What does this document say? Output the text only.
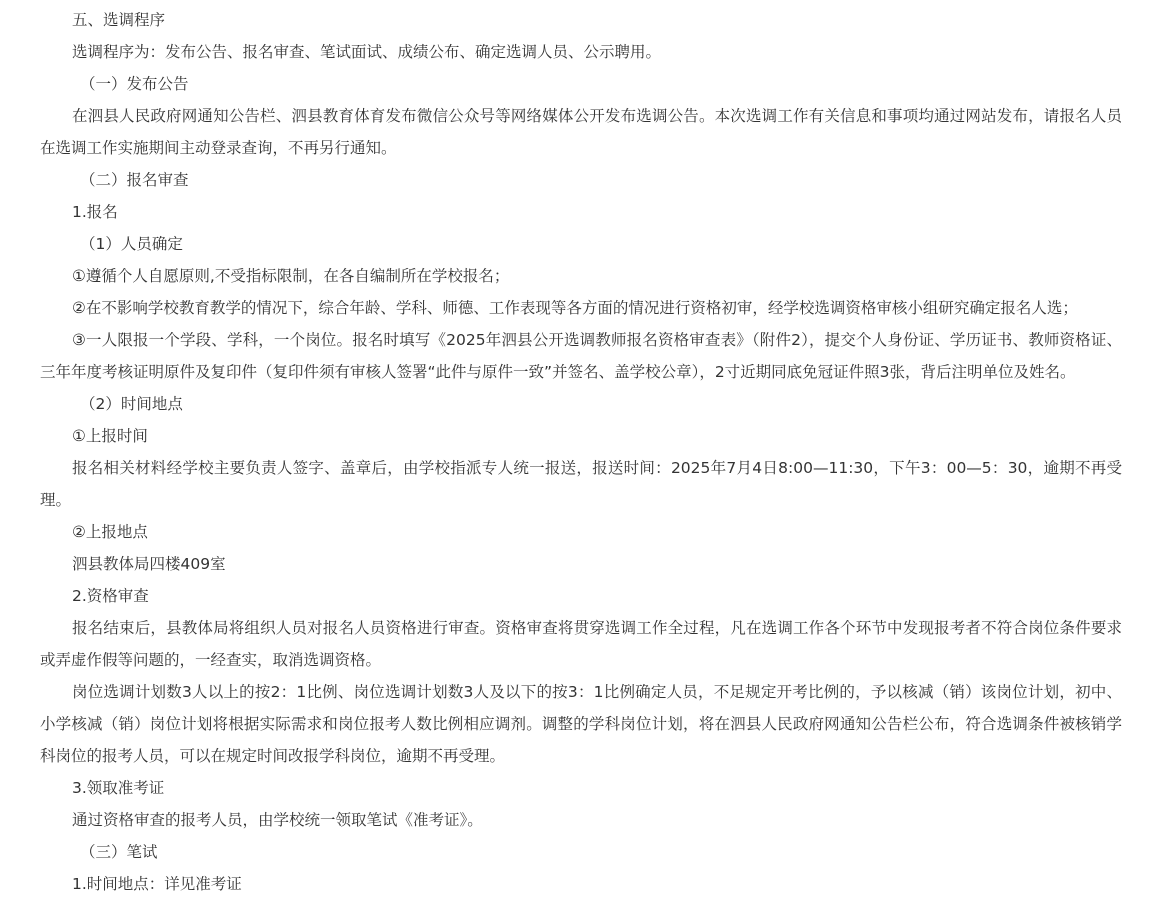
五、选调程序

选调程序为：发布公告、报名审查、笔试面试、成绩公布、确定选调人员、公示聘用。

（一）发布公告

在泗县人民政府网通知公告栏、泗县教育体育发布微信公众号等网络媒体公开发布选调公告。本次选调工作有关信息和事项均通过网站发布，请报名人员在选调工作实施期间主动登录查询，不再另行通知。

（二）报名审查

1.报名

（1）人员确定

①遵循个人自愿原则,不受指标限制，在各自编制所在学校报名；

②在不影响学校教育教学的情况下，综合年龄、学科、师德、工作表现等各方面的情况进行资格初审，经学校选调资格审核小组研究确定报名人选；

③一人限报一个学段、学科，一个岗位。报名时填写《2025年泗县公开选调教师报名资格审查表》（附件2），提交个人身份证、学历证书、教师资格证、三年年度考核证明原件及复印件（复印件须有审核人签署“此件与原件一致”并签名、盖学校公章），2寸近期同底免冠证件照3张，背后注明单位及姓名。

（2）时间地点

①上报时间

报名相关材料经学校主要负责人签字、盖章后，由学校指派专人统一报送，报送时间：2025年7月4日8:00—11:30，下午3：00—5：30，逾期不再受理。

②上报地点

泗县教体局四楼409室

2.资格审查

报名结束后，县教体局将组织人员对报名人员资格进行审查。资格审查将贯穿选调工作全过程，凡在选调工作各个环节中发现报考者不符合岗位条件要求或弄虚作假等问题的，一经查实，取消选调资格。

岗位选调计划数3人以上的按2：1比例、岗位选调计划数3人及以下的按3：1比例确定人员，不足规定开考比例的，予以核减（销）该岗位计划，初中、小学核减（销）岗位计划将根据实际需求和岗位报考人数比例相应调剂。调整的学科岗位计划，将在泗县人民政府网通知公告栏公布，符合选调条件被核销学科岗位的报考人员，可以在规定时间改报学科岗位，逾期不再受理。

3.领取准考证

通过资格审查的报考人员，由学校统一领取笔试《准考证》。

（三）笔试

1.时间地点：详见准考证
